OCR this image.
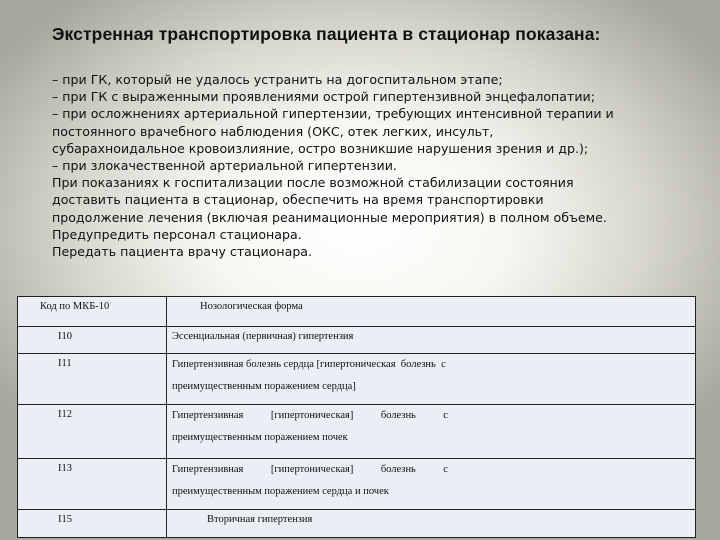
Экстренная транспортировка пациента в стационар показана:
– при ГК, который не удалось устранить на догоспитальном этапе;
– при ГК с выраженными проявлениями острой гипертензивной энцефалопатии;
– при осложнениях артериальной гипертензии, требующих интенсивной терапии и
постоянного врачебного наблюдения (ОКС, отек легких, инсульт,
субарахноидальное кровоизлияние, остро возникшие нарушения зрения и др.);
– при злокачественной артериальной гипертензии.
При показаниях к госпитализации после возможной стабилизации состояния
доставить пациента в стационар, обеспечить на время транспортировки
продолжение лечения (включая реанимационные мероприятия) в полном объеме.
Предупредить персонал стационара.
Передать пациента врачу стационара.
Код по МКБ-10	Нозологическая форма

I10	Эссенциальная (первичная) гипертензия

I11	Гипертензивная болезнь сердца [гипертоническая  болезнь  с
преимущественным поражением сердца]

I12	Гипертензивная [гипертоническая] болезнь с
преимущественным поражением почек

I13	Гипертензивная [гипертоническая] болезнь с
преимущественным поражением сердца и почек

I15	Вторичная гипертензия
